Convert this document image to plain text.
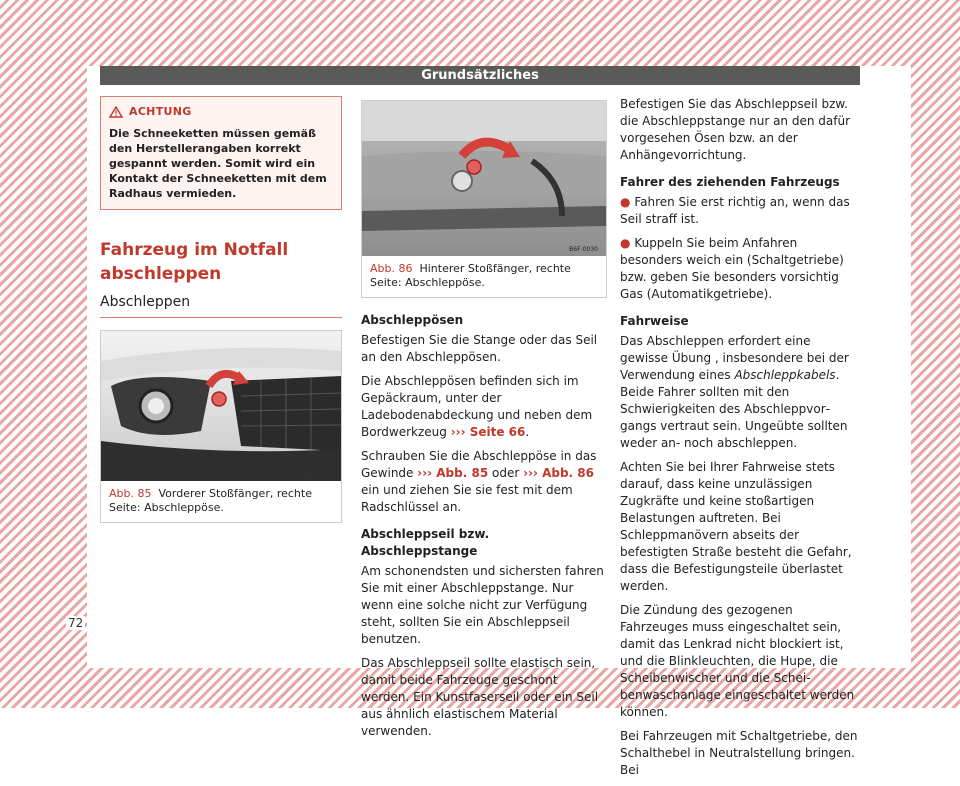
Grundsätzliches
ACHTUNG
Die Schneeketten müssen gemäß den Herstellerangaben korrekt gespannt werden. Somit wird ein Kontakt der Schneeketten mit dem Radhaus vermieden.
Fahrzeug im Notfall abschleppen
Abschleppen
B6F-0028
Abb. 85 Vorderer Stoßfänger, rechte Seite: Abschleppöse.
B6F-0030
Abb. 86 Hinterer Stoßfänger, rechte Seite: Abschleppöse.

Abschleppösen

Befestigen Sie die Stange oder das Seil an den Abschleppösen.

Die Abschleppösen befinden sich im Gepäckraum, unter der Ladebodenabdeckung und neben dem Bordwerkzeug ››› Seite 66.

Schrauben Sie die Abschleppöse in das Gewinde ››› Abb. 85 oder ››› Abb. 86 ein und ziehen Sie sie fest mit dem Radschlüssel an.

Abschleppseil bzw. Abschleppstange

Am schonendsten und sichersten fahren Sie mit einer Abschleppstange. Nur wenn eine solche nicht zur Verfügung steht, sollten Sie ein Abschleppseil benutzen.

Das Abschleppseil sollte elastisch sein, damit beide Fahrzeuge geschont werden. Ein Kunstfaserseil oder ein Seil aus ähnlich elastischem Material verwenden.

Befestigen Sie das Abschleppseil bzw. die Abschleppstange nur an den dafür vorgesehen Ösen bzw. an der Anhängevorrichtung.

Fahrer des ziehenden Fahrzeugs

● Fahren Sie erst richtig an, wenn das Seil straff ist.

● Kuppeln Sie beim Anfahren besonders weich ein (Schaltgetriebe) bzw. geben Sie besonders vorsichtig Gas (Automatikgetriebe).

Fahrweise

Das Abschleppen erfordert eine gewisse Übung , insbesondere bei der Verwendung eines Abschleppkabels. Beide Fahrer sollten mit den Schwierigkeiten des Abschleppvorgangs vertraut sein. Ungeübte sollten weder an- noch abschleppen.

Achten Sie bei Ihrer Fahrweise stets darauf, dass keine unzulässigen Zugkräfte und keine stoßartigen Belastungen auftreten. Bei Schleppmanövern abseits der befestigten Straße besteht die Gefahr, dass die Befestigungsteile überlastet werden.

Die Zündung des gezogenen Fahrzeuges muss eingeschaltet sein, damit das Lenkrad nicht blockiert ist, und die Blinkleuchten, die Hupe, die Scheibenwischer und die Scheibenwaschanlage eingeschaltet werden können.

Bei Fahrzeugen mit Schaltgetriebe, den Schalthebel in Neutralstellung bringen. Bei

72
